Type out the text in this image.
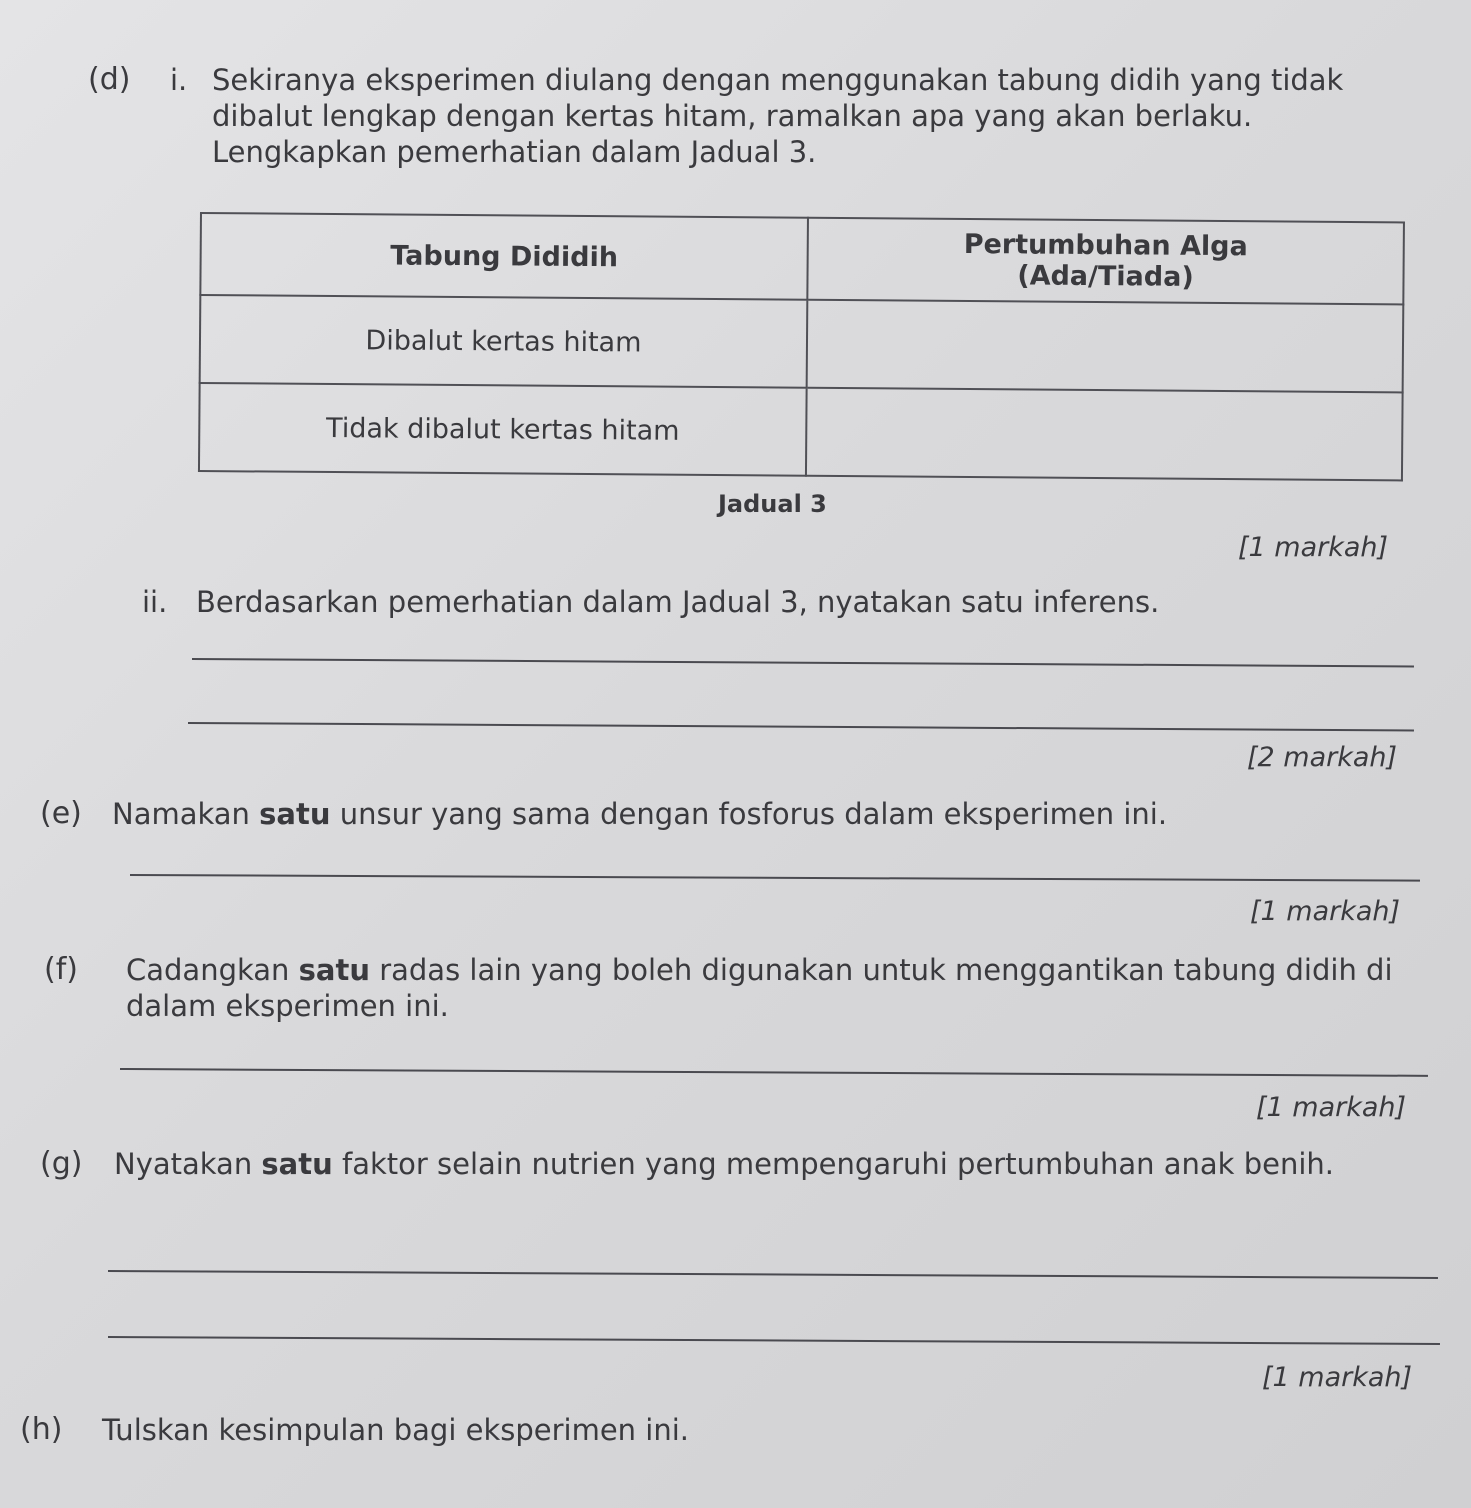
(d) i. Sekiranya eksperimen diulang dengan menggunakan tabung didih yang tidak dibalut lengkap dengan kertas hitam, ramalkan apa yang akan berlaku. Lengkapkan pemerhatian dalam Jadual 3.
Tabung Dididih	Pertumbuhan Alga (Ada/Tiada)
Dibalut kertas hitam	
Tidak dibalut kertas hitam	
Jadual 3
[1 markah]
ii. Berdasarkan pemerhatian dalam Jadual 3, nyatakan satu inferens.
[2 markah]
(e) Namakan satu unsur yang sama dengan fosforus dalam eksperimen ini.
[1 markah]
(f) Cadangkan satu radas lain yang boleh digunakan untuk menggantikan tabung didih di dalam eksperimen ini.
[1 markah]
(g) Nyatakan satu faktor selain nutrien yang mempengaruhi pertumbuhan anak benih.
[1 markah]
(h) Tulskan kesimpulan bagi eksperimen ini.
